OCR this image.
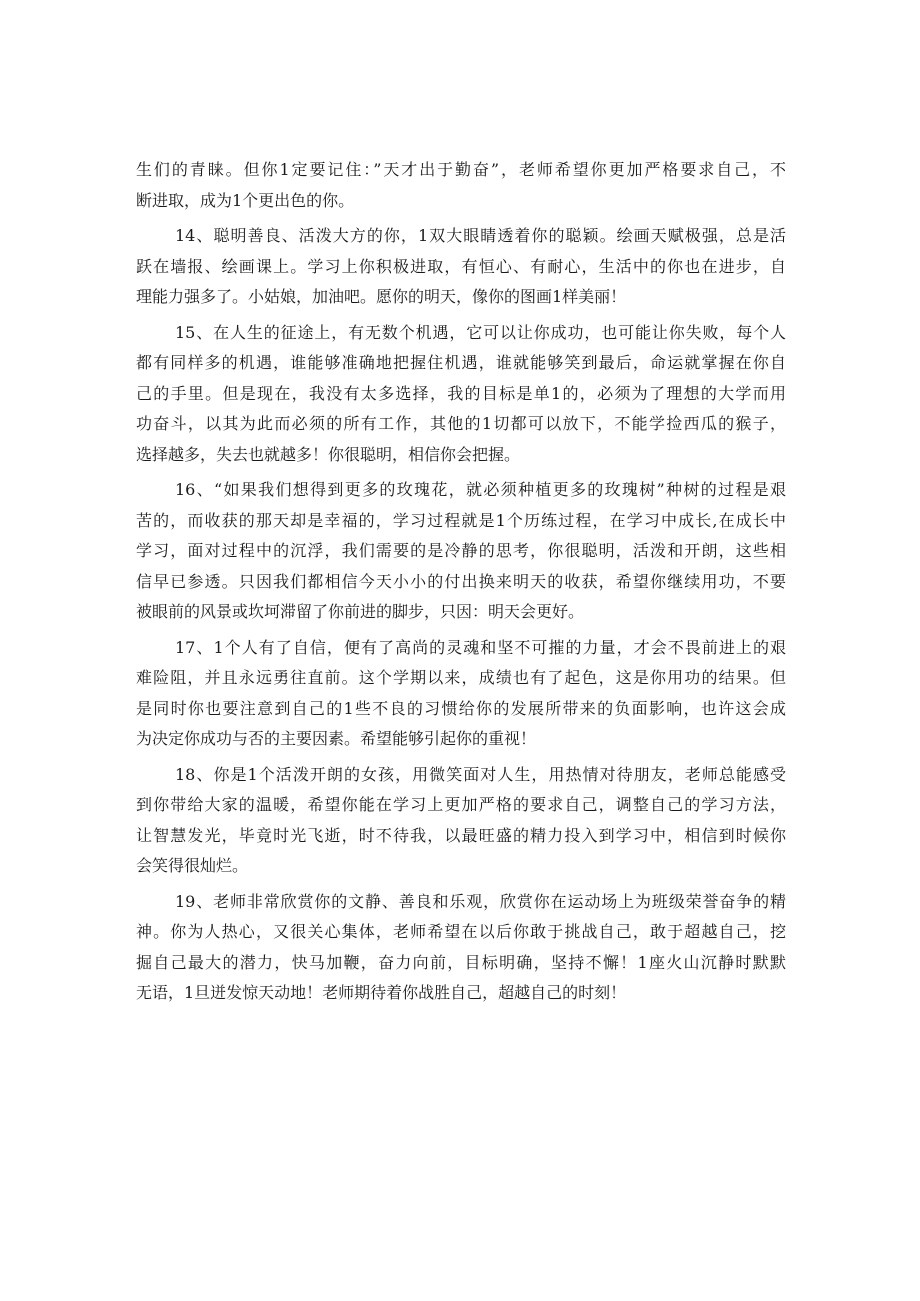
生们的青睐。但你1定要记住：”天才出于勤奋”，老师希望你更加严格要求自己，不
断进取，成为1个更出色的你。

14、聪明善良、活泼大方的你，1双大眼睛透着你的聪颖。绘画天赋极强，总是活
跃在墙报、绘画课上。学习上你积极进取，有恒心、有耐心，生活中的你也在进步，自
理能力强多了。小姑娘，加油吧。愿你的明天，像你的图画1样美丽！

15、在人生的征途上，有无数个机遇，它可以让你成功，也可能让你失败，每个人
都有同样多的机遇，谁能够准确地把握住机遇，谁就能够笑到最后，命运就掌握在你自
己的手里。但是现在，我没有太多选择，我的目标是单1的，必须为了理想的大学而用
功奋斗，以其为此而必须的所有工作，其他的1切都可以放下，不能学捡西瓜的猴子，
选择越多，失去也就越多！你很聪明，相信你会把握。

16、“如果我们想得到更多的玫瑰花，就必须种植更多的玫瑰树”种树的过程是艰
苦的，而收获的那天却是幸福的，学习过程就是1个历练过程，在学习中成长,在成长中
学习，面对过程中的沉浮，我们需要的是冷静的思考，你很聪明，活泼和开朗，这些相
信早已参透。只因我们都相信今天小小的付出换来明天的收获，希望你继续用功，不要
被眼前的风景或坎坷滞留了你前进的脚步，只因：明天会更好。

17、1个人有了自信，便有了高尚的灵魂和坚不可摧的力量，才会不畏前进上的艰
难险阻，并且永远勇往直前。这个学期以来，成绩也有了起色，这是你用功的结果。但
是同时你也要注意到自己的1些不良的习惯给你的发展所带来的负面影响，也许这会成
为决定你成功与否的主要因素。希望能够引起你的重视！

18、你是1个活泼开朗的女孩，用微笑面对人生，用热情对待朋友，老师总能感受
到你带给大家的温暖，希望你能在学习上更加严格的要求自己，调整自己的学习方法，
让智慧发光，毕竟时光飞逝，时不待我，以最旺盛的精力投入到学习中，相信到时候你
会笑得很灿烂。

19、老师非常欣赏你的文静、善良和乐观，欣赏你在运动场上为班级荣誉奋争的精
神。你为人热心，又很关心集体，老师希望在以后你敢于挑战自己，敢于超越自己，挖
掘自己最大的潜力，快马加鞭，奋力向前，目标明确，坚持不懈！1座火山沉静时默默
无语，1旦迸发惊天动地！老师期待着你战胜自己，超越自己的时刻！
